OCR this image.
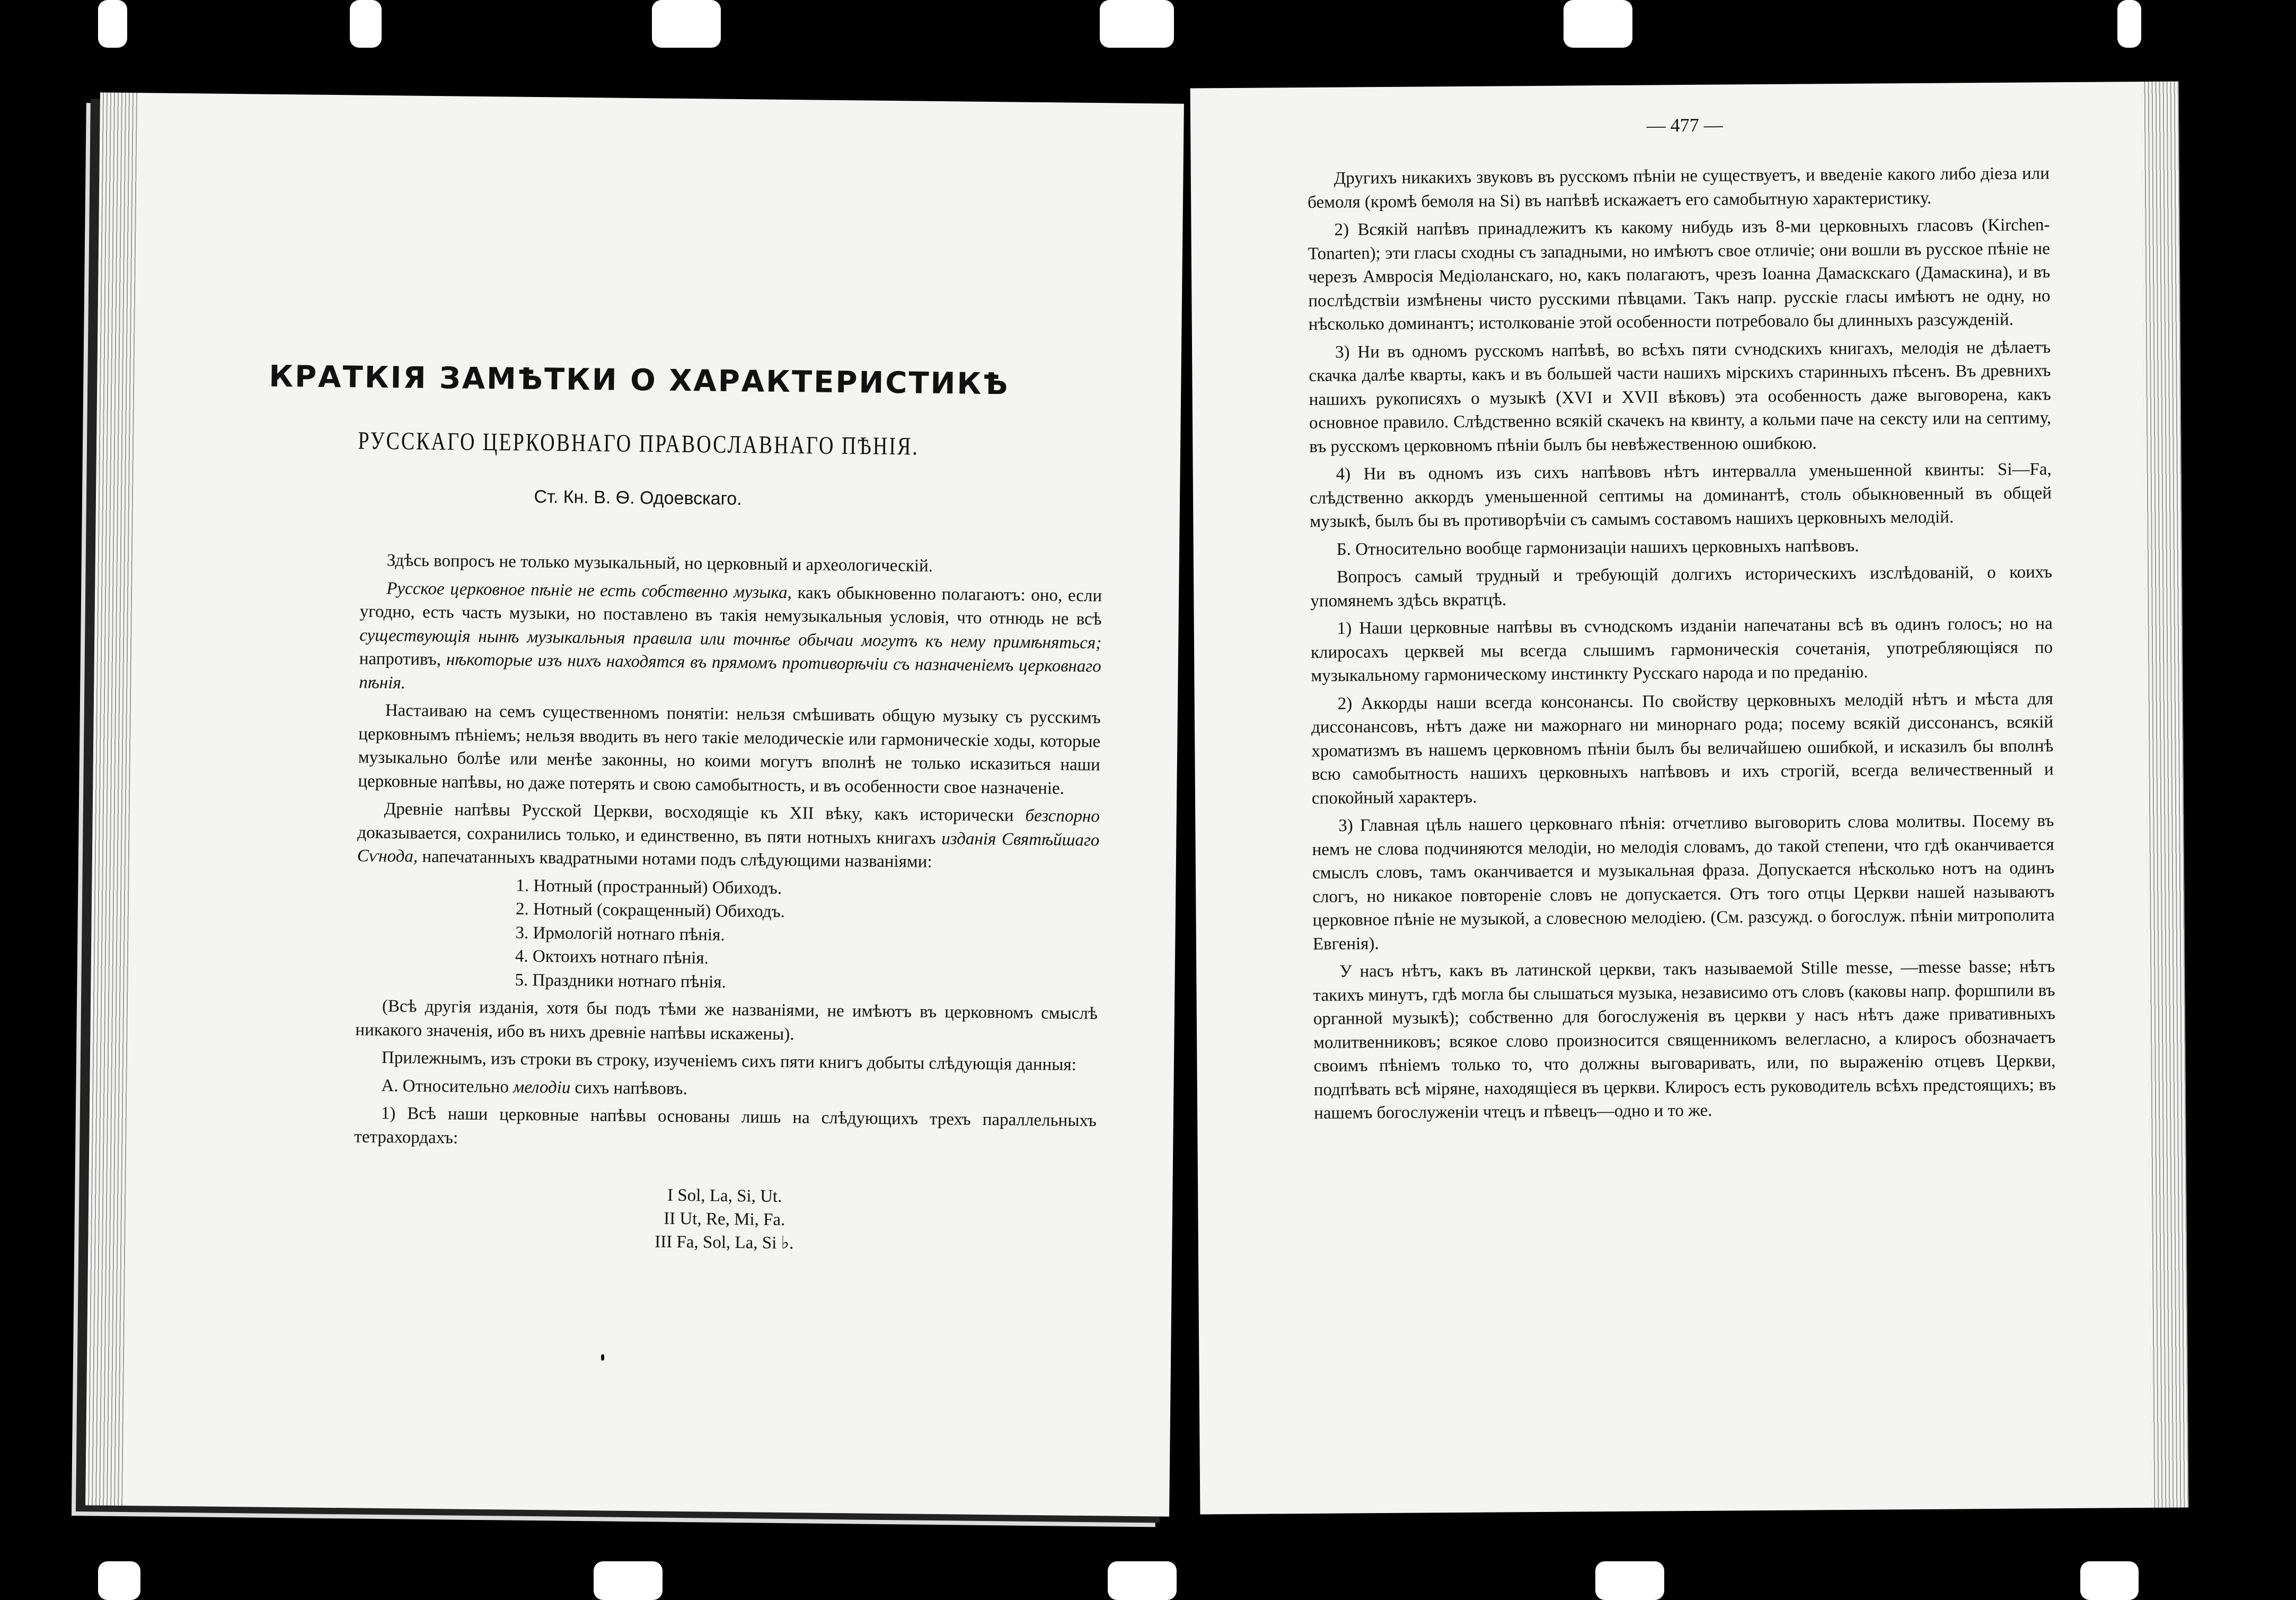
КРАТКІЯ ЗАМѢТКИ О ХАРАКТЕРИСТИКѢ
РУССКАГО ЦЕРКОВНАГО ПРАВОСЛАВНАГО ПѢНІЯ.
Ст. Кн. В. Ѳ. Одоевскаго.

Здѣсь вопросъ не только музыкальный, но церковный и археологическій.

Русское церковное пѣніе не есть собственно музыка, какъ обыкновенно полагаютъ: оно, если угодно, есть часть музыки, но поставлено въ такія немузыкальныя условія, что отнюдь не всѣ существующія нынѣ музыкальныя правила или точнѣе обычаи могутъ къ нему примѣняться; напротивъ, нѣкоторые изъ нихъ находятся въ прямомъ противорѣчіи съ назначеніемъ церковнаго пѣнія.

Настаиваю на семъ существенномъ понятіи: нельзя смѣшивать общую музыку съ русскимъ церковнымъ пѣніемъ; нельзя вводить въ него такіе мелодическіе или гармоническіе ходы, которые музыкально болѣе или менѣе законны, но коими могутъ вполнѣ не только исказиться наши церковные напѣвы, но даже потерять и свою самобытность, и въ особенности свое назначеніе.

Древніе напѣвы Русской Церкви, восходящіе къ XII вѣку, какъ исторически безспорно доказывается, сохранились только, и единственно, въ пяти нотныхъ книгахъ изданія Святѣйшаго Сѵнода, напечатанныхъ квадратными нотами подъ слѣдующими названіями:

1. Нотный (пространный) Обиходъ.
2. Нотный (сокращенный) Обиходъ.
3. Ирмологій нотнаго пѣнія.
4. Октоихъ нотнаго пѣнія.
5. Праздники нотнаго пѣнія.

(Всѣ другія изданія, хотя бы подъ тѣми же названіями, не имѣютъ въ церковномъ смыслѣ никакого значенія, ибо въ нихъ древніе напѣвы искажены).

Прилежнымъ, изъ строки въ строку, изученіемъ сихъ пяти книгъ добыты слѣдующія данныя:

А. Относительно мелодіи сихъ напѣвовъ.

1) Всѣ наши церковные напѣвы основаны лишь на слѣдующихъ трехъ параллельныхъ тетрахордахъ:

I Sol, La, Si, Ut.
II Ut, Re, Mi, Fa.
III Fa, Sol, La, Si ♭.
— 477 —

Другихъ никакихъ звуковъ въ русскомъ пѣніи не существуетъ, и введеніе какого либо діеза или бемоля (кромѣ бемоля на Si) въ напѣвѣ искажаетъ его самобытную характеристику.

2) Всякій напѣвъ принадлежитъ къ какому нибудь изъ 8-ми церковныхъ гласовъ (Kirchen-Tonarten); эти гласы сходны съ западными, но имѣютъ свое отличіе; они вошли въ русское пѣніе не черезъ Амвросія Медіоланскаго, но, какъ полагаютъ, чрезъ Іоанна Дамаскскаго (Дамаскина), и въ послѣдствіи измѣнены чисто русскими пѣвцами. Такъ напр. русскіе гласы имѣютъ не одну, но нѣсколько доминантъ; истолкованіе этой особенности потребовало бы длинныхъ разсужденій.

3) Ни въ одномъ русскомъ напѣвѣ, во всѣхъ пяти сѵнодскихъ книгахъ, мелодія не дѣлаетъ скачка далѣе кварты, какъ и въ большей части нашихъ мірскихъ старинныхъ пѣсенъ. Въ древнихъ нашихъ рукописяхъ о музыкѣ (XVI и XVII вѣковъ) эта особенность даже выговорена, какъ основное правило. Слѣдственно всякій скачекъ на квинту, а кольми паче на сексту или на септиму, въ русскомъ церковномъ пѣніи былъ бы невѣжественною ошибкою.

4) Ни въ одномъ изъ сихъ напѣвовъ нѣтъ интервалла уменьшенной квинты: Si—Fa, слѣдственно аккордъ уменьшенной септимы на доминантѣ, столь обыкновенный въ общей музыкѣ, былъ бы въ противорѣчіи съ самымъ составомъ нашихъ церковныхъ мелодій.

Б. Относительно вообще гармонизаціи нашихъ церковныхъ напѣвовъ.

Вопросъ самый трудный и требующій долгихъ историческихъ изслѣдованій, о коихъ упомянемъ здѣсь вкратцѣ.

1) Наши церковные напѣвы въ сѵнодскомъ изданіи напечатаны всѣ въ одинъ голосъ; но на клиросахъ церквей мы всегда слышимъ гармоническія сочетанія, употребляющіяся по музыкальному гармоническому инстинкту Русскаго народа и по преданію.

2) Аккорды наши всегда консонансы. По свойству церковныхъ мелодій нѣтъ и мѣста для диссонансовъ, нѣтъ даже ни мажорнаго ни минорнаго рода; посему всякій диссонансъ, всякій хроматизмъ въ нашемъ церковномъ пѣніи былъ бы величайшею ошибкой, и исказилъ бы вполнѣ всю самобытность нашихъ церковныхъ напѣвовъ и ихъ строгій, всегда величественный и спокойный характеръ.

3) Главная цѣль нашего церковнаго пѣнія: отчетливо выговорить слова молитвы. Посему въ немъ не слова подчиняются мелодіи, но мелодія словамъ, до такой степени, что гдѣ оканчивается смыслъ словъ, тамъ оканчивается и музыкальная фраза. Допускается нѣсколько нотъ на одинъ слогъ, но никакое повтореніе словъ не допускается. Отъ того отцы Церкви нашей называютъ церковное пѣніе не музыкой, а словесною мелодіею. (См. разсужд. о богослуж. пѣніи митрополита Евгенія).

У насъ нѣтъ, какъ въ латинской церкви, такъ называемой Stille messe, —messe basse; нѣтъ такихъ минутъ, гдѣ могла бы слышаться музыка, независимо отъ словъ (каковы напр. форшпили въ органной музыкѣ); собственно для богослуженія въ церкви у насъ нѣтъ даже привативныхъ молитвенниковъ; всякое слово произносится священникомъ велегласно, а клиросъ обозначаетъ своимъ пѣніемъ только то, что должны выговаривать, или, по выраженію отцевъ Церкви, подпѣвать всѣ міряне, находящіеся въ церкви. Клиросъ есть руководитель всѣхъ предстоящихъ; въ нашемъ богослуженіи чтецъ и пѣвецъ—одно и то же.
